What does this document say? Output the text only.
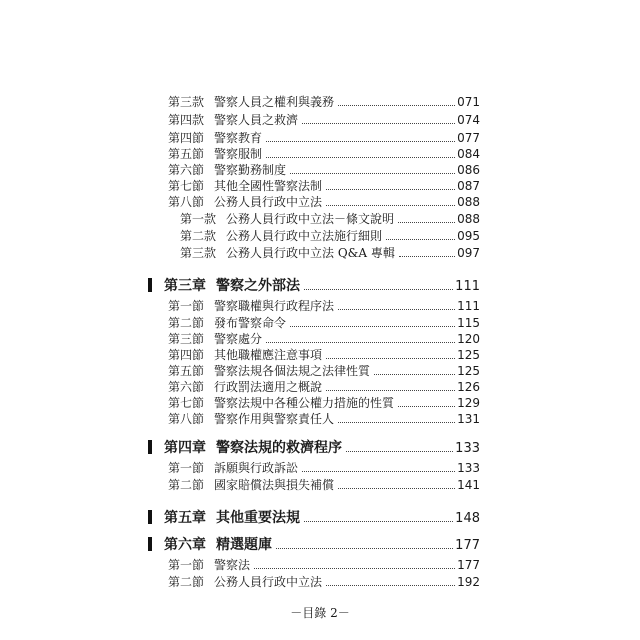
第三款 警察人員之權利與義務	071
第四款 警察人員之救濟	074
第四節 警察教育	077
第五節 警察服制	084
第六節 警察勤務制度	086
第七節 其他全國性警察法制	087
第八節 公務人員行政中立法	088
第一款 公務人員行政中立法－條文說明	088
第二款 公務人員行政中立法施行細則	095
第三款 公務人員行政中立法 Q&A 專輯	097
第三章 警察之外部法	111
第一節 警察職權與行政程序法	111
第二節 發布警察命令	115
第三節 警察處分	120
第四節 其他職權應注意事項	125
第五節 警察法規各個法規之法律性質	125
第六節 行政罰法適用之概說	126
第七節 警察法規中各種公權力措施的性質	129
第八節 警察作用與警察責任人	131
第四章 警察法規的救濟程序	133
第一節 訴願與行政訴訟	133
第二節 國家賠償法與損失補償	141
第五章 其他重要法規	148
第六章 精選題庫	177
第一節 警察法	177
第二節 公務人員行政中立法	192
－目錄 2－
